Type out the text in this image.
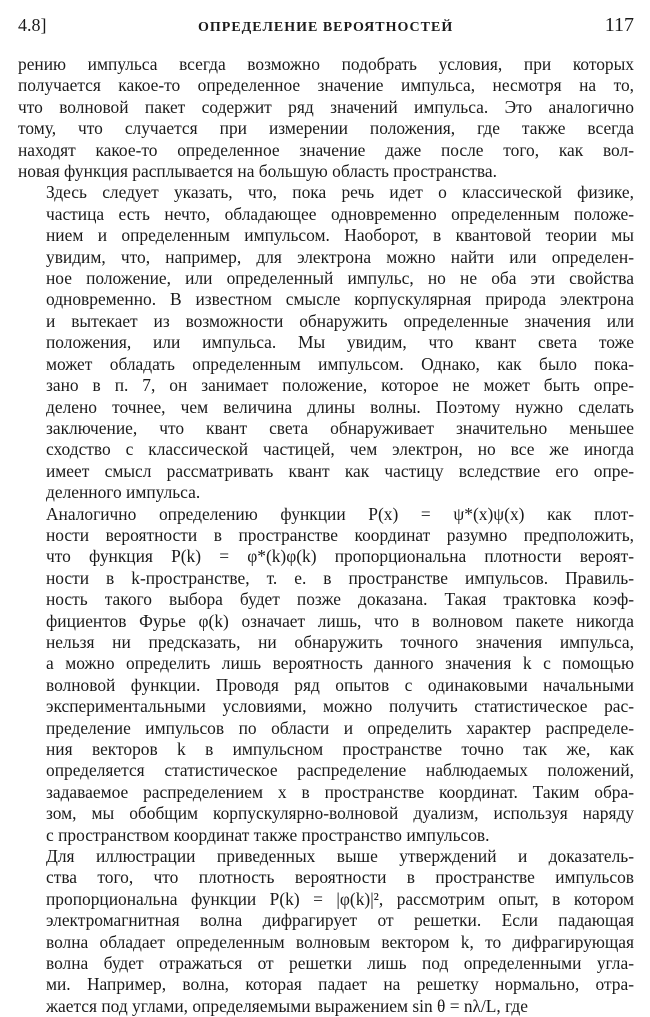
4.8]	ОПРЕДЕЛЕНИЕ ВЕРОЯТНОСТЕЙ	117

рению импульса всегда возможно подобрать условия, при которых
получается какое-то определенное значение импульса, несмотря на то,
что волновой пакет содержит ряд значений импульса. Это аналогично
тому, что случается при измерении положения, где также всегда
находят какое-то определенное значение даже после того, как вол-
новая функция расплывается на большую область пространства.

Здесь следует указать, что, пока речь идет о классической физике,
частица есть нечто, обладающее одновременно определенным положе-
нием и определенным импульсом. Наоборот, в квантовой теории мы
увидим, что, например, для электрона можно найти или определен-
ное положение, или определенный импульс, но не оба эти свойства
одновременно. В известном смысле корпускулярная природа электрона
и вытекает из возможности обнаружить определенные значения или
положения, или импульса. Мы увидим, что квант света тоже
может обладать определенным импульсом. Однако, как было пока-
зано в п. 7, он занимает положение, которое не может быть опре-
делено точнее, чем величина длины волны. Поэтому нужно сделать
заключение, что квант света обнаруживает значительно меньшее
сходство с классической частицей, чем электрон, но все же иногда
имеет смысл рассматривать квант как частицу вследствие его опре-
деленного импульса.

Аналогично определению функции P(x) = ψ*(x)ψ(x) как плот-
ности вероятности в пространстве координат разумно предположить,
что функция P(k) = φ*(k)φ(k) пропорциональна плотности вероят-
ности в k-пространстве, т. е. в пространстве импульсов. Правиль-
ность такого выбора будет позже доказана. Такая трактовка коэф-
фициентов Фурье φ(k) означает лишь, что в волновом пакете никогда
нельзя ни предсказать, ни обнаружить точного значения импульса,
а можно определить лишь вероятность данного значения k с помощью
волновой функции. Проводя ряд опытов с одинаковыми начальными
экспериментальными условиями, можно получить статистическое рас-
пределение импульсов по области и определить характер распределе-
ния векторов k в импульсном пространстве точно так же, как
определяется статистическое распределение наблюдаемых положений,
задаваемое распределением x в пространстве координат. Таким обра-
зом, мы обобщим корпускулярно-волновой дуализм, используя наряду
с пространством координат также пространство импульсов.

Для иллюстрации приведенных выше утверждений и доказатель-
ства того, что плотность вероятности в пространстве импульсов
пропорциональна функции P(k) = |φ(k)|², рассмотрим опыт, в котором
электромагнитная волна дифрагирует от решетки. Если падающая
волна обладает определенным волновым вектором k, то дифрагирующая
волна будет отражаться от решетки лишь под определенными угла-
ми. Например, волна, которая падает на решетку нормально, отра-
жается под углами, определяемыми выражением sin θ = nλ/L, где
